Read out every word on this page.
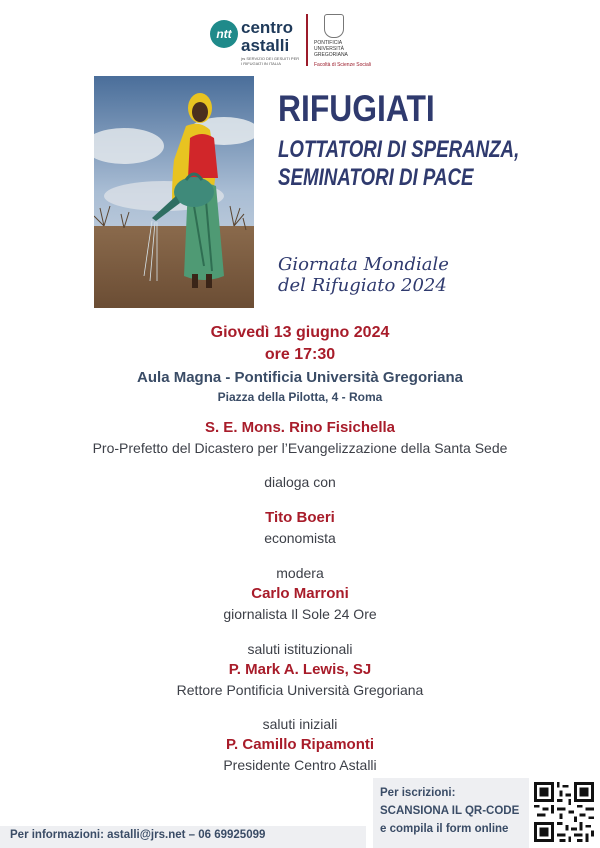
ntt centro
astalli
jrs SERVIZIO DEI GESUITI PER I RIFUGIATI IN ITALIA
PONTIFICIA
UNIVERSITÀ
GREGORIANA
Facoltà di Scienze Sociali
RIFUGIATI
LOTTATORI DI SPERANZA,
SEMINATORI DI PACE
Giornata Mondiale
del Rifugiato 2024
Giovedì 13 giugno 2024
ore 17:30
Aula Magna - Pontificia Università Gregoriana
Piazza della Pilotta, 4 - Roma
S. E. Mons. Rino Fisichella
Pro-Prefetto del Dicastero per l’Evangelizzazione della Santa Sede
dialoga con
Tito Boeri
economista
modera
Carlo Marroni
giornalista Il Sole 24 Ore
saluti istituzionali
P. Mark A. Lewis, SJ
Rettore Pontificia Università Gregoriana
saluti iniziali
P. Camillo Ripamonti
Presidente Centro Astalli
Per informazioni: astalli@jrs.net – 06 69925099
Per iscrizioni:
SCANSIONA IL QR-CODE
e compila il form online
